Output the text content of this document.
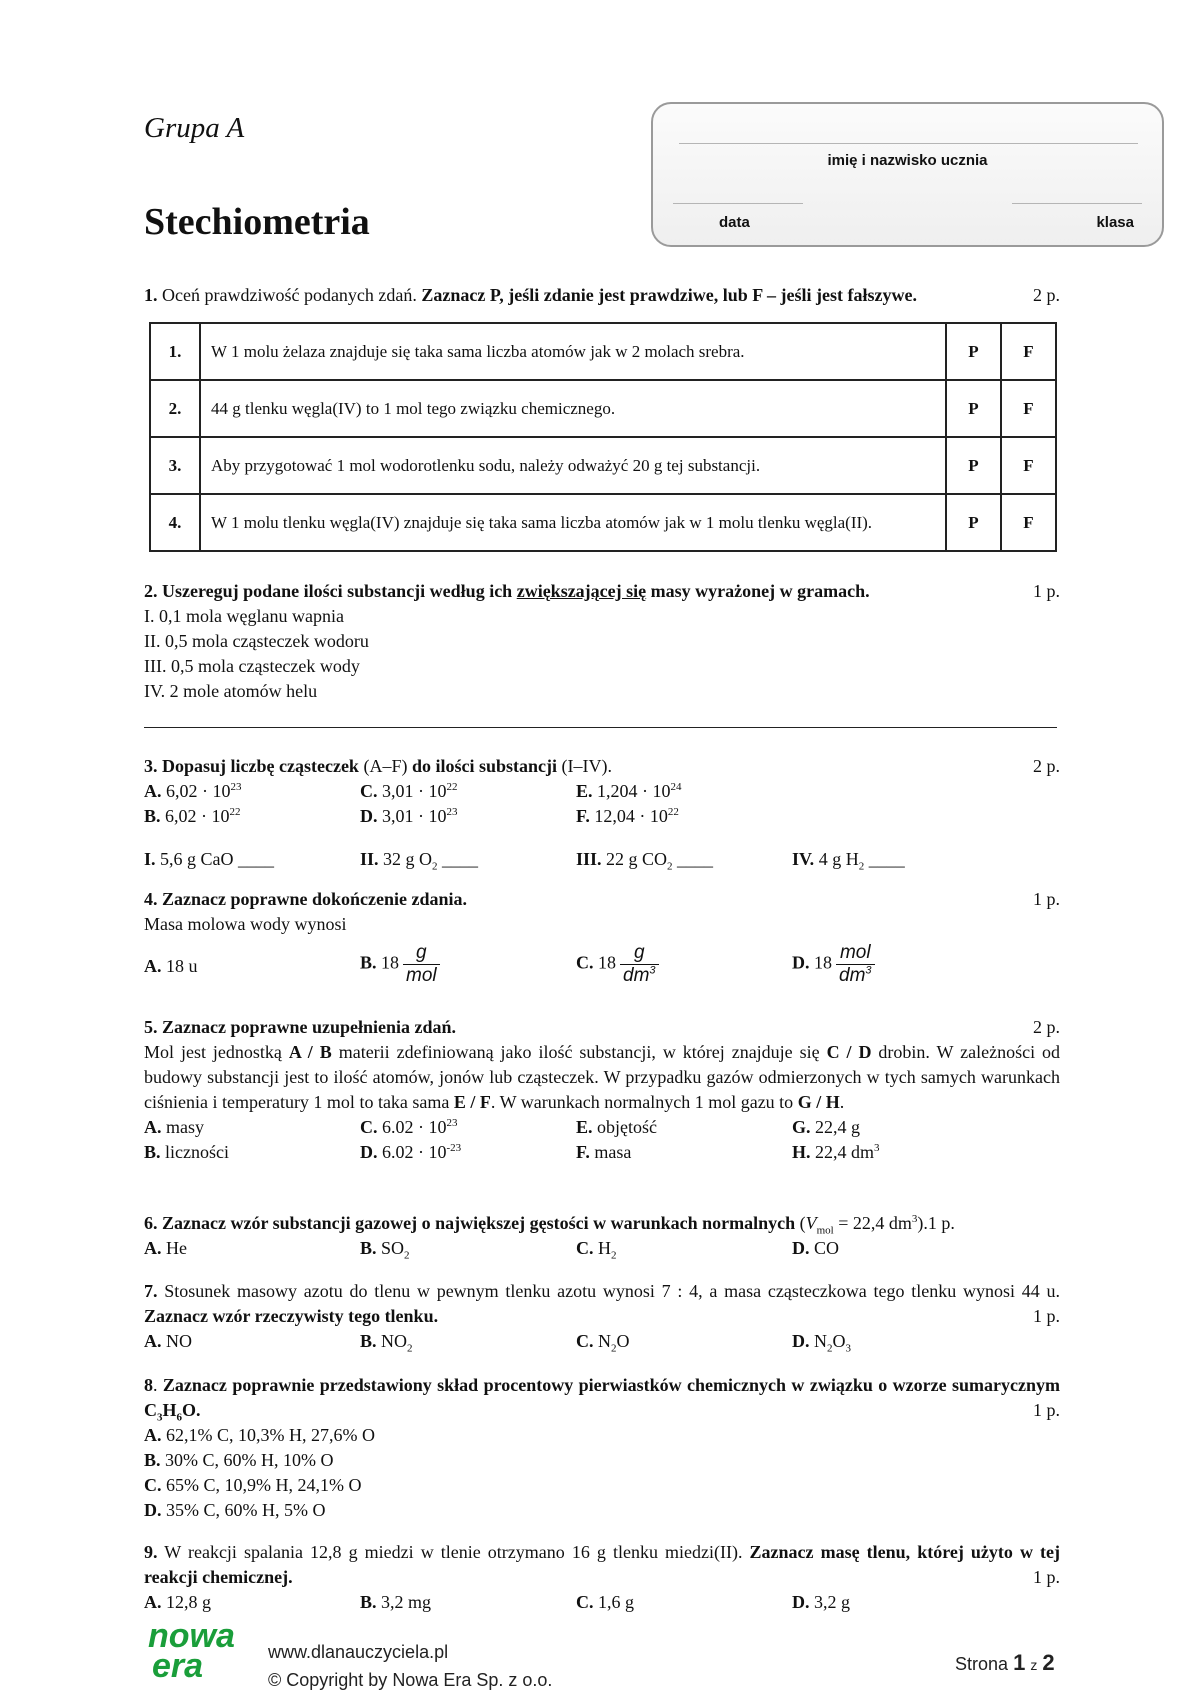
Grupa A
Stechiometria
imię i nazwisko ucznia
data	klasa
1. Oceń prawdziwość podanych zdań. Zaznacz P, jeśli zdanie jest prawdziwe, lub F – jeśli jest fałszywe.	2 p.
1.	W 1 molu żelaza znajduje się taka sama liczba atomów jak w 2 molach srebra.	P	F
2.	44 g tlenku węgla(IV) to 1 mol tego związku chemicznego.	P	F
3.	Aby przygotować 1 mol wodorotlenku sodu, należy odważyć 20 g tej substancji.	P	F
4.	W 1 molu tlenku węgla(IV) znajduje się taka sama liczba atomów jak w 1 molu tlenku węgla(II).	P	F
2. Uszereguj podane ilości substancji według ich zwiększającej się masy wyrażonej w gramach.	1 p.
I. 0,1 mola węglanu wapnia
II. 0,5 mola cząsteczek wodoru
III. 0,5 mola cząsteczek wody
IV. 2 mole atomów helu
3. Dopasuj liczbę cząsteczek (A–F) do ilości substancji (I–IV).	2 p.
A. $6,02 \cdot 10^{23}$	C. $3,01 \cdot 10^{22}$	E. $1,204 \cdot 10^{24}$
B. $6,02 \cdot 10^{22}$	D. $3,01 \cdot 10^{23}$	F. $12,04 \cdot 10^{22}$
I. 5,6 g CaO ____	II. 32 g $O_2$ ____	III. 22 g $CO_2$ ____	IV. 4 g $H_2$ ____
4. Zaznacz poprawne dokończenie zdania.	1 p.
Masa molowa wody wynosi
A. 18 u	B. $18 \frac{g}{\text{mol}}$	C. $18 \frac{g}{dm^3}$	D. $18 \frac{\text{mol}}{dm^3}$
5. Zaznacz poprawne uzupełnienia zdań.	2 p.
Mol jest jednostką A / B materii zdefiniowaną jako ilość substancji, w której znajduje się C / D drobin. W zależności od budowy substancji jest to ilość atomów, jonów lub cząsteczek. W przypadku gazów odmierzonych w tych samych warunkach ciśnienia i temperatury 1 mol to taka sama E / F. W warunkach normalnych 1 mol gazu to G / H.
A. masy	C. $6.02 \cdot 10^{23}$	E. objętość	G. 22,4 g
B. liczności	D. $6.02 \cdot 10^{-23}$	F. masa	H. 22,4 $dm^3$
6. Zaznacz wzór substancji gazowej o największej gęstości w warunkach normalnych ($V_{mol} = 22,4$ $dm^3).1$ p.
A. He	B. $SO_2$	C. $H_2$	D. CO
7. Stosunek masowy azotu do tlenu w pewnym tlenku azotu wynosi 7 : 4, a masa cząsteczkowa tego tlenku wynosi 44 u. Zaznacz wzór rzeczywisty tego tlenku.	1 p.
A. NO	B. $NO_2$	C. $N_2O$	D. $N_2O_3$
8. Zaznacz poprawnie przedstawiony skład procentowy pierwiastków chemicznych w związku o wzorze sumarycznym $C_3H_6O$.	1 p.
A. 62,1% C, 10,3% H, 27,6% O
B. 30% C, 60% H, 10% O
C. 65% C, 10,9% H, 24,1% O
D. 35% C, 60% H, 5% O
9. W reakcji spalania 12,8 g miedzi w tlenie otrzymano 16 g tlenku miedzi(II). Zaznacz masę tlenu, której użyto w tej reakcji chemicznej.	1 p.
A. 12,8 g	B. 3,2 mg	C. 1,6 g	D. 3,2 g
nowa
era	www.dlanauczyciela.pl
© Copyright by Nowa Era Sp. z o.o.
Strona 1 z 2
